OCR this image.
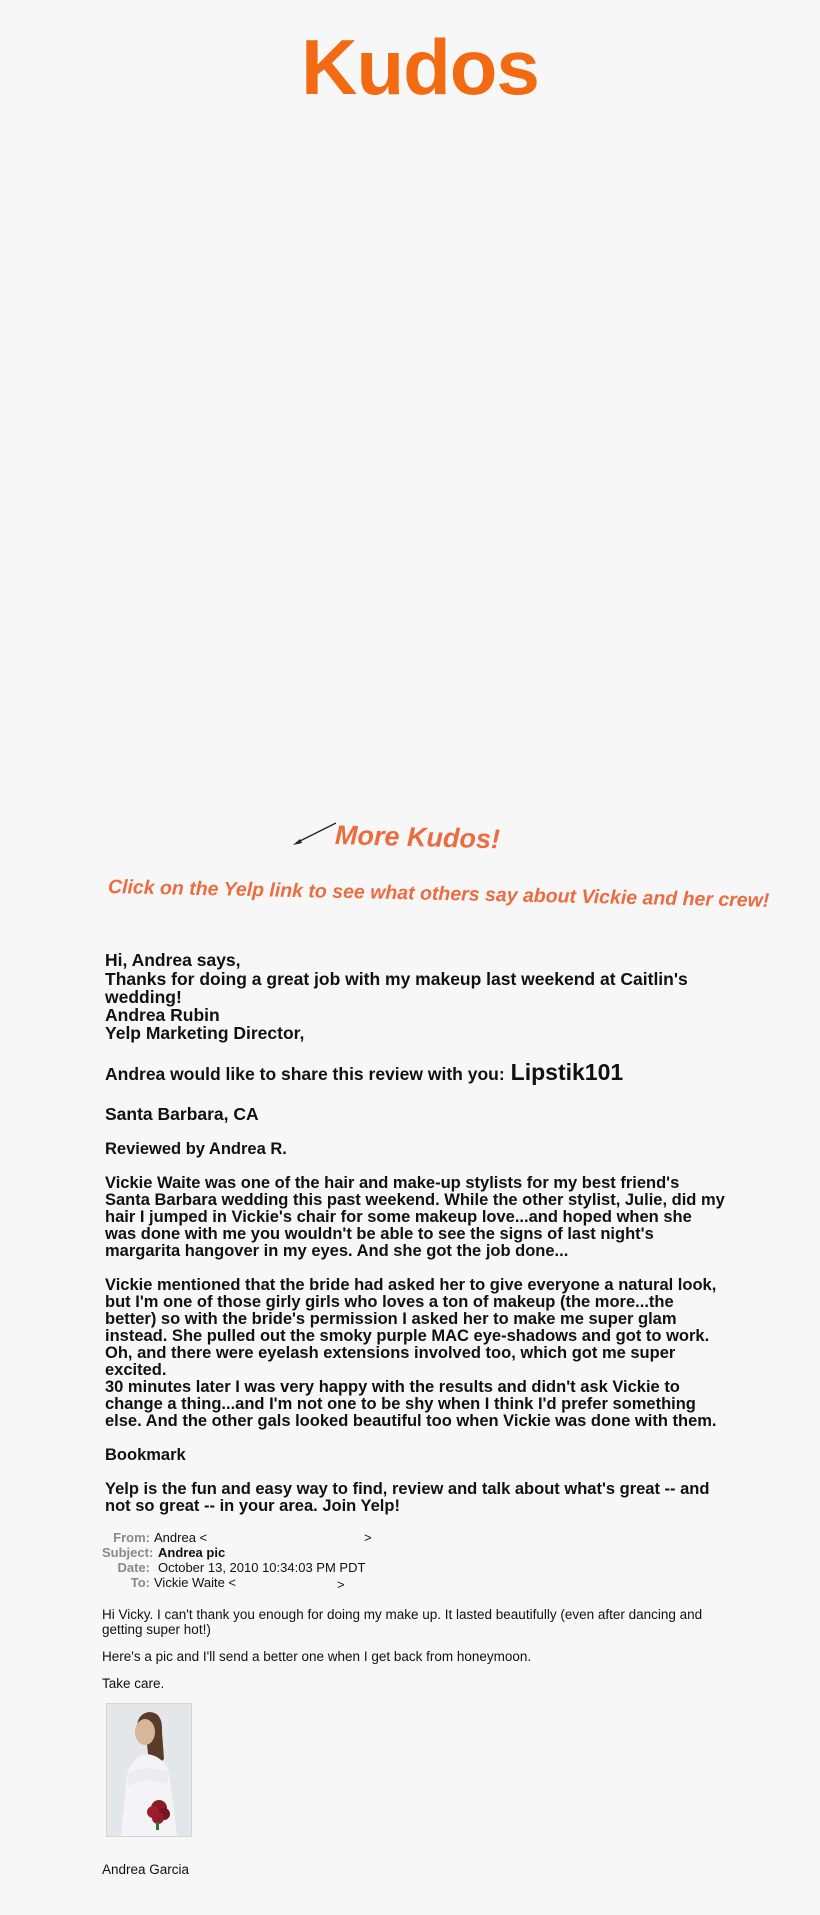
Kudos
More Kudos!
Click on the Yelp link to see what others say about Vickie and her crew!
Hi, Andrea says,
Thanks for doing a great job with my makeup last weekend at Caitlin's wedding!
Andrea Rubin
Yelp Marketing Director,
Andrea would like to share this review with you: Lipstik101
Santa Barbara, CA
Reviewed by Andrea R.
Vickie Waite was one of the hair and make-up stylists for my best friend's Santa Barbara wedding this past weekend. While the other stylist, Julie, did my hair I jumped in Vickie's chair for some makeup love...and hoped when she was done with me you wouldn't be able to see the signs of last night's margarita hangover in my eyes. And she got the job done...
Vickie mentioned that the bride had asked her to give everyone a natural look, but I'm one of those girly girls who loves a ton of makeup (the more...the better) so with the bride's permission I asked her to make me super glam instead. She pulled out the smoky purple MAC eye-shadows and got to work. Oh, and there were eyelash extensions involved too, which got me super excited.
30 minutes later I was very happy with the results and didn't ask Vickie to change a thing...and I'm not one to be shy when I think I'd prefer something else. And the other gals looked beautiful too when Vickie was done with them.
Bookmark
Yelp is the fun and easy way to find, review and talk about what's great -- and not so great -- in your area. Join Yelp!
From: Andrea <	>
Subject: Andrea pic
Date: October 13, 2010 10:34:03 PM PDT
To: Vickie Waite <	>
Hi Vicky. I can't thank you enough for doing my make up. It lasted beautifully (even after dancing and getting super hot!)
Here's a pic and I'll send a better one when I get back from honeymoon.
Take care.
Andrea Garcia
